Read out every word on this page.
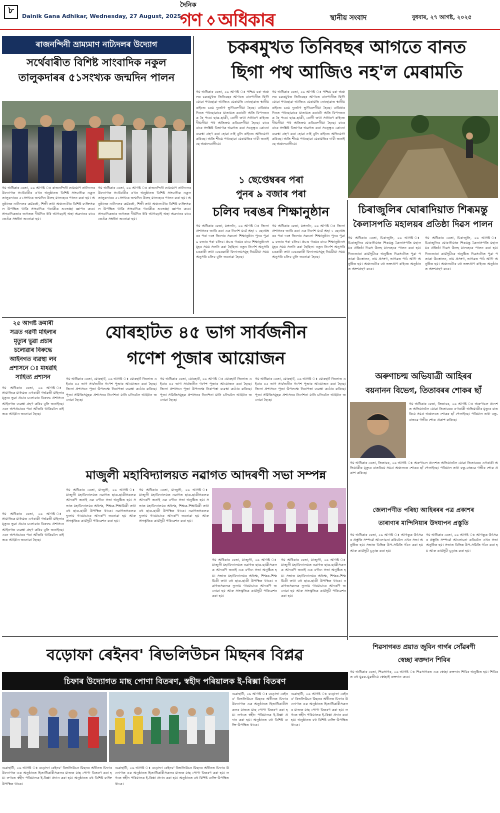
৮
Dainik Gana Adhikar, Wednesday, 27 August, 2025
দৈনিক
গণ অধিকাৰ	স্থানীয় সংবাদ	বুধবাৰ, ২৭ আগষ্ট, ২০২৫
ৰাজনন্দিনী ভ্ৰাম্যমাণ নাট্যদলৰ উদ্যোগ
সৰ্থেবাৰীত বিশিষ্ট সাংবাদিক নকুল তালুকদাৰৰ ৫১সংখ্যক জন্মদিন পালন
গম অধিকাৰ বেতা, ২৬ আগষ্ট ঃ ৰাজনন্দিনী ভ্ৰাম্যমাণ নাট্যদলৰ উদ্যোগত সৰ্থেবাৰীৰ এখন অনুষ্ঠানত বিশিষ্ট সাংবাদিক নকুল তালুকদাৰৰ ৫১সংখ্যক জন্মদিন উলহ মালহেৰে পালন কৰা হয়। অনুষ্ঠানত নাট্যদলৰ কৰ্মকৰ্তা, শিল্পী তথা অঞ্চলটোৰ বিশিষ্ট ব্যক্তিসকল উপস্থিত থাকি সাংবাদিক গৰাকীক শুভেচ্ছা জ্ঞাপন কৰে। সাংবাদিকতাৰ জগতত দীৰ্ঘদিন ধৰি আগবঢ়াই অহা অৱদানৰ বাবে তেওঁক সম্বৰ্ধনা জনোৱা হয়।
গম অধিকাৰ বেতা, ২৬ আগষ্ট ঃ ৰাজনন্দিনী ভ্ৰাম্যমাণ নাট্যদলৰ উদ্যোগত সৰ্থেবাৰীৰ এখন অনুষ্ঠানত বিশিষ্ট সাংবাদিক নকুল তালুকদাৰৰ ৫১সংখ্যক জন্মদিন উলহ মালহেৰে পালন কৰা হয়। অনুষ্ঠানত নাট্যদলৰ কৰ্মকৰ্তা, শিল্পী তথা অঞ্চলটোৰ বিশিষ্ট ব্যক্তিসকল উপস্থিত থাকি সাংবাদিক গৰাকীক শুভেচ্ছা জ্ঞাপন কৰে। সাংবাদিকতাৰ জগতত দীৰ্ঘদিন ধৰি আগবঢ়াই অহা অৱদানৰ বাবে তেওঁক সম্বৰ্ধনা জনোৱা হয়।
চকৰমুখত তিনিবছৰ আগতে বানত
ছিগা পথ আজিও নহ'ল মেৰামতি
গম অধিকাৰ বেতা, ২৬ আগষ্ট ঃ পশ্চিম বৰা অঞ্চলৰ চকৰমুখত তিনিবছৰ আগতে বানপানীত ছিগি যোৱা পথছোৱা আজিও মেৰামতি নোহোৱাত স্থানীয় ৰাইজে চৰম দুৰ্ভোগ ভুগিবলগীয়া হৈছে। বাৰিষাৰ দিনত পথছোৱাৰে যাতায়ত কৰাটো অতি বিপদজনক হৈ পৰে। ছাত্ৰ-ছাত্ৰী, ৰোগী তথা সাধাৰণ ৰাইজে দীঘলীয়া পথ অতিক্ৰম কৰিবলগীয়া হৈছে। বাৰে বাৰে সংশ্লিষ্ট বিভাগক অৱগত কৰা সত্ত্বেও কোনো ব্যৱস্থা গ্ৰহণ কৰা হোৱা নাই বুলি ৰাইজে অভিযোগ কৰিছে। অতি শীঘ্ৰে পথছোৱা মেৰামতিৰ দাবী জনাইছে অঞ্চলবাসীয়ে।
গম অধিকাৰ বেতা, ২৬ আগষ্ট ঃ পশ্চিম বৰা অঞ্চলৰ চকৰমুখত তিনিবছৰ আগতে বানপানীত ছিগি যোৱা পথছোৱা আজিও মেৰামতি নোহোৱাত স্থানীয় ৰাইজে চৰম দুৰ্ভোগ ভুগিবলগীয়া হৈছে। বাৰিষাৰ দিনত পথছোৱাৰে যাতায়ত কৰাটো অতি বিপদজনক হৈ পৰে। ছাত্ৰ-ছাত্ৰী, ৰোগী তথা সাধাৰণ ৰাইজে দীঘলীয়া পথ অতিক্ৰম কৰিবলগীয়া হৈছে। বাৰে বাৰে সংশ্লিষ্ট বিভাগক অৱগত কৰা সত্ত্বেও কোনো ব্যৱস্থা গ্ৰহণ কৰা হোৱা নাই বুলি ৰাইজে অভিযোগ কৰিছে। অতি শীঘ্ৰে পথছোৱা মেৰামতিৰ দাবী জনাইছে অঞ্চলবাসীয়ে।
১ ছেপ্তেম্বৰৰ পৰা
পুনৰ ৯ বজাৰ পৰা
চলিব দৰঙৰ শিক্ষানুষ্ঠান
গম অধিকাৰ বেতা, মঙ্গলদৈ, ২৬ আগষ্ট ঃ জিলা প্ৰশাসনৰ জাৰি কৰা এক নিৰ্দেশ মৰ্মে অহা ১ ছেপ্তেম্বৰৰ পৰা দৰং জিলাৰ সকলো শিক্ষানুষ্ঠান পুনৰ পুৱা ৯ বজাৰ পৰা চলিব। প্ৰচণ্ড গৰমৰ বাবে শিক্ষানুষ্ঠানসমূহৰ সময় সলনি কৰা হৈছিল। নতুন নিৰ্দেশ অনুসৰি চৰকাৰী তথা বেচৰকাৰী বিদ্যালয়সমূহ নিয়মীয়া সময় অনুসৰি চলিব বুলি জনোৱা হৈছে।
গম অধিকাৰ বেতা, মঙ্গলদৈ, ২৬ আগষ্ট ঃ জিলা প্ৰশাসনৰ জাৰি কৰা এক নিৰ্দেশ মৰ্মে অহা ১ ছেপ্তেম্বৰৰ পৰা দৰং জিলাৰ সকলো শিক্ষানুষ্ঠান পুনৰ পুৱা ৯ বজাৰ পৰা চলিব। প্ৰচণ্ড গৰমৰ বাবে শিক্ষানুষ্ঠানসমূহৰ সময় সলনি কৰা হৈছিল। নতুন নিৰ্দেশ অনুসৰি চৰকাৰী তথা বেচৰকাৰী বিদ্যালয়সমূহ নিয়মীয়া সময় অনুসৰি চলিব বুলি জনোৱা হৈছে।
চিৰাজুলিৰ ঘোৰাদিয়াত শিৰূমন্তু
কৈলাসপতি মহালয়ৰ প্ৰতিষ্ঠা দিৱস পালন
গম অধিকাৰ বেতা, চিৰাজুলি, ২৬ আগষ্ট ঃ চিৰাজুলিৰ ঘোৰাদিয়াত শিৰূমন্তু কৈলাসপতি মহালয়ৰ প্ৰতিষ্ঠা দিৱস উলহ মালহেৰে পালন কৰা হয়। দিনজোৰা কাৰ্যসূচীৰে অনুষ্ঠিত দিৱসটোত পুৱা পতাকা উত্তোলন, নাম প্ৰসংগ, ভাগৱত পাঠ আদি অনুষ্ঠিত হয়। অঞ্চলটোৰ বহু ভক্তপ্ৰাণ ৰাইজে অনুষ্ঠানত অংশগ্ৰহণ কৰে।
গম অধিকাৰ বেতা, চিৰাজুলি, ২৬ আগষ্ট ঃ চিৰাজুলিৰ ঘোৰাদিয়াত শিৰূমন্তু কৈলাসপতি মহালয়ৰ প্ৰতিষ্ঠা দিৱস উলহ মালহেৰে পালন কৰা হয়। দিনজোৰা কাৰ্যসূচীৰে অনুষ্ঠিত দিৱসটোত পুৱা পতাকা উত্তোলন, নাম প্ৰসংগ, ভাগৱত পাঠ আদি অনুষ্ঠিত হয়। অঞ্চলটোৰ বহু ভক্তপ্ৰাণ ৰাইজে অনুষ্ঠানত অংশগ্ৰহণ কৰে।
যোৰহাটত ৪৫ ভাগ সাৰ্বজনীন
গণেশ পূজাৰ আয়োজন
২৫ আগষ্ট ক্ৰমাৰী
সত্ৰত গৱৰ্ণী মহিলাৰ
মৃত্যুৰ ভুৱা প্ৰচাৰ
চলোৱাৰ বিৰুদ্ধে
আইনগত ব্যৱস্থা লব
প্ৰশাসনে ঃ মাধৱহি
সাহিত্য প্ৰশাসন
গম অধিকাৰ বেতা, ২৬ আগষ্ট ঃ সামাজিক মাধ্যমত এগৰাকী গৰ্ভৱতী মহিলাৰ মৃত্যুৰ ভুৱা প্ৰচাৰ চলোৱাৰ বিৰুদ্ধে প্ৰশাসনে আইনগত ব্যৱস্থা গ্ৰহণ কৰিব বুলি জনাইছে। এনে অপপ্ৰচাৰৰ পৰা আঁতৰি থাকিবলৈ ৰাইজক আহ্বান জনোৱা হৈছে।
গম অধিকাৰ বেতা, ২৬ আগষ্ট ঃ সামাজিক মাধ্যমত এগৰাকী গৰ্ভৱতী মহিলাৰ মৃত্যুৰ ভুৱা প্ৰচাৰ চলোৱাৰ বিৰুদ্ধে প্ৰশাসনে আইনগত ব্যৱস্থা গ্ৰহণ কৰিব বুলি জনাইছে। এনে অপপ্ৰচাৰৰ পৰা আঁতৰি থাকিবলৈ ৰাইজক আহ্বান জনোৱা হৈছে।
গম অধিকাৰ বেতা, যোৰহাট, ২৬ আগষ্ট ঃ যোৰহাট জিলাত এইবাৰ ৪৫ ভাগ সাৰ্বজনীন গণেশ পূজাৰ আয়োজন কৰা হৈছে। জিলা প্ৰশাসনে পূজা উপলক্ষে নিৰাপত্তা ব্যৱস্থা কঠোৰ কৰিছে। পূজা সমিতিসমূহক প্ৰশাসনৰ নিৰ্দেশনা মানি চলিবলৈ আহ্বান জনোৱা হৈছে।
গম অধিকাৰ বেতা, যোৰহাট, ২৬ আগষ্ট ঃ যোৰহাট জিলাত এইবাৰ ৪৫ ভাগ সাৰ্বজনীন গণেশ পূজাৰ আয়োজন কৰা হৈছে। জিলা প্ৰশাসনে পূজা উপলক্ষে নিৰাপত্তা ব্যৱস্থা কঠোৰ কৰিছে। পূজা সমিতিসমূহক প্ৰশাসনৰ নিৰ্দেশনা মানি চলিবলৈ আহ্বান জনোৱা হৈছে।
গম অধিকাৰ বেতা, যোৰহাট, ২৬ আগষ্ট ঃ যোৰহাট জিলাত এইবাৰ ৪৫ ভাগ সাৰ্বজনীন গণেশ পূজাৰ আয়োজন কৰা হৈছে। জিলা প্ৰশাসনে পূজা উপলক্ষে নিৰাপত্তা ব্যৱস্থা কঠোৰ কৰিছে। পূজা সমিতিসমূহক প্ৰশাসনৰ নিৰ্দেশনা মানি চলিবলৈ আহ্বান জনোৱা হৈছে।
মাজুলী মহাবিদ্যালয়ত নৱাগত আদৰণী সভা সম্পন্ন
গম অধিকাৰ বেতা, মাজুলী, ২৬ আগষ্ট ঃ মাজুলী মহাবিদ্যালয়ত নৱাগত ছাত্ৰ-ছাত্ৰীসকলক আদৰণি জনাই এক বৰ্ণাঢ্য সভা অনুষ্ঠিত হয়। সভাত মহাবিদ্যালয়ৰ অধ্যক্ষ, শিক্ষক-শিক্ষয়িত্ৰী তথা বহু ছাত্ৰ-ছাত্ৰী উপস্থিত থাকে। নৱাগতসকলক ফুলাম গামোচাৰে আদৰণি জনোৱা হয় আৰু সাংস্কৃতিক কাৰ্যসূচী পৰিৱেশন কৰা হয়।
গম অধিকাৰ বেতা, মাজুলী, ২৬ আগষ্ট ঃ মাজুলী মহাবিদ্যালয়ত নৱাগত ছাত্ৰ-ছাত্ৰীসকলক আদৰণি জনাই এক বৰ্ণাঢ্য সভা অনুষ্ঠিত হয়। সভাত মহাবিদ্যালয়ৰ অধ্যক্ষ, শিক্ষক-শিক্ষয়িত্ৰী তথা বহু ছাত্ৰ-ছাত্ৰী উপস্থিত থাকে। নৱাগতসকলক ফুলাম গামোচাৰে আদৰণি জনোৱা হয় আৰু সাংস্কৃতিক কাৰ্যসূচী পৰিৱেশন কৰা হয়।
গম অধিকাৰ বেতা, মাজুলী, ২৬ আগষ্ট ঃ মাজুলী মহাবিদ্যালয়ত নৱাগত ছাত্ৰ-ছাত্ৰীসকলক আদৰণি জনাই এক বৰ্ণাঢ্য সভা অনুষ্ঠিত হয়। সভাত মহাবিদ্যালয়ৰ অধ্যক্ষ, শিক্ষক-শিক্ষয়িত্ৰী তথা বহু ছাত্ৰ-ছাত্ৰী উপস্থিত থাকে। নৱাগতসকলক ফুলাম গামোচাৰে আদৰণি জনোৱা হয় আৰু সাংস্কৃতিক কাৰ্যসূচী পৰিৱেশন কৰা হয়।
গম অধিকাৰ বেতা, মাজুলী, ২৬ আগষ্ট ঃ মাজুলী মহাবিদ্যালয়ত নৱাগত ছাত্ৰ-ছাত্ৰীসকলক আদৰণি জনাই এক বৰ্ণাঢ্য সভা অনুষ্ঠিত হয়। সভাত মহাবিদ্যালয়ৰ অধ্যক্ষ, শিক্ষক-শিক্ষয়িত্ৰী তথা বহু ছাত্ৰ-ছাত্ৰী উপস্থিত থাকে। নৱাগতসকলক ফুলাম গামোচাৰে আদৰণি জনোৱা হয় আৰু সাংস্কৃতিক কাৰ্যসূচী পৰিৱেশন কৰা হয়।
অৰুণাচল্ম অভিযাত্ৰী আহিৰৰ
বয়নানন বিভেগ, তিতাবৰৰ শোকৰ ছাঁ
গম অধিকাৰ বেতা, তিতাবৰ, ২৬ আগষ্ট ঃ অৰুণাচল প্ৰদেশত অভিযানলৈ যোৱা তিতাবৰৰ এগৰাকী অভিযাত্ৰীৰ মৃত্যুৰ বাতৰিয়ে সমগ্ৰ অঞ্চলতে শোকৰ ছাঁ পেলাইছে। পৰিয়াল তথা বন্ধু-বান্ধৱে গভীৰ শোক প্ৰকাশ কৰিছে।
গম অধিকাৰ বেতা, তিতাবৰ, ২৬ আগষ্ট ঃ অৰুণাচল প্ৰদেশত অভিযানলৈ যোৱা তিতাবৰৰ এগৰাকী অভিযাত্ৰীৰ মৃত্যুৰ বাতৰিয়ে সমগ্ৰ অঞ্চলতে শোকৰ ছাঁ পেলাইছে। পৰিয়াল তথা বন্ধু-বান্ধৱে গভীৰ শোক প্ৰকাশ কৰিছে।
জেলাৰ্পণীত পৰিহা আহিৰৰৰ পত্ৰ প্ৰকাশৰ
তাৰাণাৰ মান্দিনিয়াৰ উদযাপন প্ৰস্তুতি
গম অধিকাৰ বেতা, ২৬ আগষ্ট ঃ আগন্তুক উৎসৱৰ প্ৰস্তুতি সম্পৰ্কে আলোচনা কৰিবলৈ এখন সভা অনুষ্ঠিত হয়। সভাত বিভিন্ন উপ-সমিতি গঠন কৰা হয় আৰু কাৰ্যসূচী চূড়ান্ত কৰা হয়।
গম অধিকাৰ বেতা, ২৬ আগষ্ট ঃ আগন্তুক উৎসৱৰ প্ৰস্তুতি সম্পৰ্কে আলোচনা কৰিবলৈ এখন সভা অনুষ্ঠিত হয়। সভাত বিভিন্ন উপ-সমিতি গঠন কৰা হয় আৰু কাৰ্যসূচী চূড়ান্ত কৰা হয়।
বড়োফা ৰেইনব' ৰিভলিউচন মিছনৰ বিপ্লৱ
চিফাৰ উদ্যোগত মাছ পোণা বিতৰণ, স্বহীদ পৰিয়ালক ই-ৰিক্সা বিতৰণ
গুৱাহাটী, ২৬ আগষ্ট ঃ বড়োফা ৰেইনব' ৰিভলিউচন মিছনৰ অধীনত চিফাৰ উদ্যোগত এক অনুষ্ঠানত হিতাধিকাৰীসকলৰ মাজত মাছ পোণা বিতৰণ কৰা হয়। লগতে স্বহীদ পৰিয়ালক ই-ৰিক্সা প্ৰদান কৰা হয়। অনুষ্ঠানত বহু বিশিষ্ট ব্যক্তি উপস্থিত থাকে।
গুৱাহাটী, ২৬ আগষ্ট ঃ বড়োফা ৰেইনব' ৰিভলিউচন মিছনৰ অধীনত চিফাৰ উদ্যোগত এক অনুষ্ঠানত হিতাধিকাৰীসকলৰ মাজত মাছ পোণা বিতৰণ কৰা হয়। লগতে স্বহীদ পৰিয়ালক ই-ৰিক্সা প্ৰদান কৰা হয়। অনুষ্ঠানত বহু বিশিষ্ট ব্যক্তি উপস্থিত থাকে।
গুৱাহাটী, ২৬ আগষ্ট ঃ বড়োফা ৰেইনব' ৰিভলিউচন মিছনৰ অধীনত চিফাৰ উদ্যোগত এক অনুষ্ঠানত হিতাধিকাৰীসকলৰ মাজত মাছ পোণা বিতৰণ কৰা হয়। লগতে স্বহীদ পৰিয়ালক ই-ৰিক্সা প্ৰদান কৰা হয়। অনুষ্ঠানত বহু বিশিষ্ট ব্যক্তি উপস্থিত থাকে।
গুৱাহাটী, ২৬ আগষ্ট ঃ বড়োফা ৰেইনব' ৰিভলিউচন মিছনৰ অধীনত চিফাৰ উদ্যোগত এক অনুষ্ঠানত হিতাধিকাৰীসকলৰ মাজত মাছ পোণা বিতৰণ কৰা হয়। লগতে স্বহীদ পৰিয়ালক ই-ৰিক্সা প্ৰদান কৰা হয়। অনুষ্ঠানত বহু বিশিষ্ট ব্যক্তি উপস্থিত থাকে।
শিৱসাগৰত প্ৰয়াত জুবিন গাৰ্গৰ সোঁৱৰণী
স্বেচ্ছা ৰক্তদান শিবিৰ
গম অধিকাৰ বেতা, শিৱসাগৰ, ২৬ আগষ্ট ঃ শিৱসাগৰত এক স্বেচ্ছা ৰক্তদান শিবিৰ অনুষ্ঠিত হয়। শিবিৰত বহু যুৱক-যুৱতীয়ে স্বেচ্ছাই ৰক্তদান কৰে।
